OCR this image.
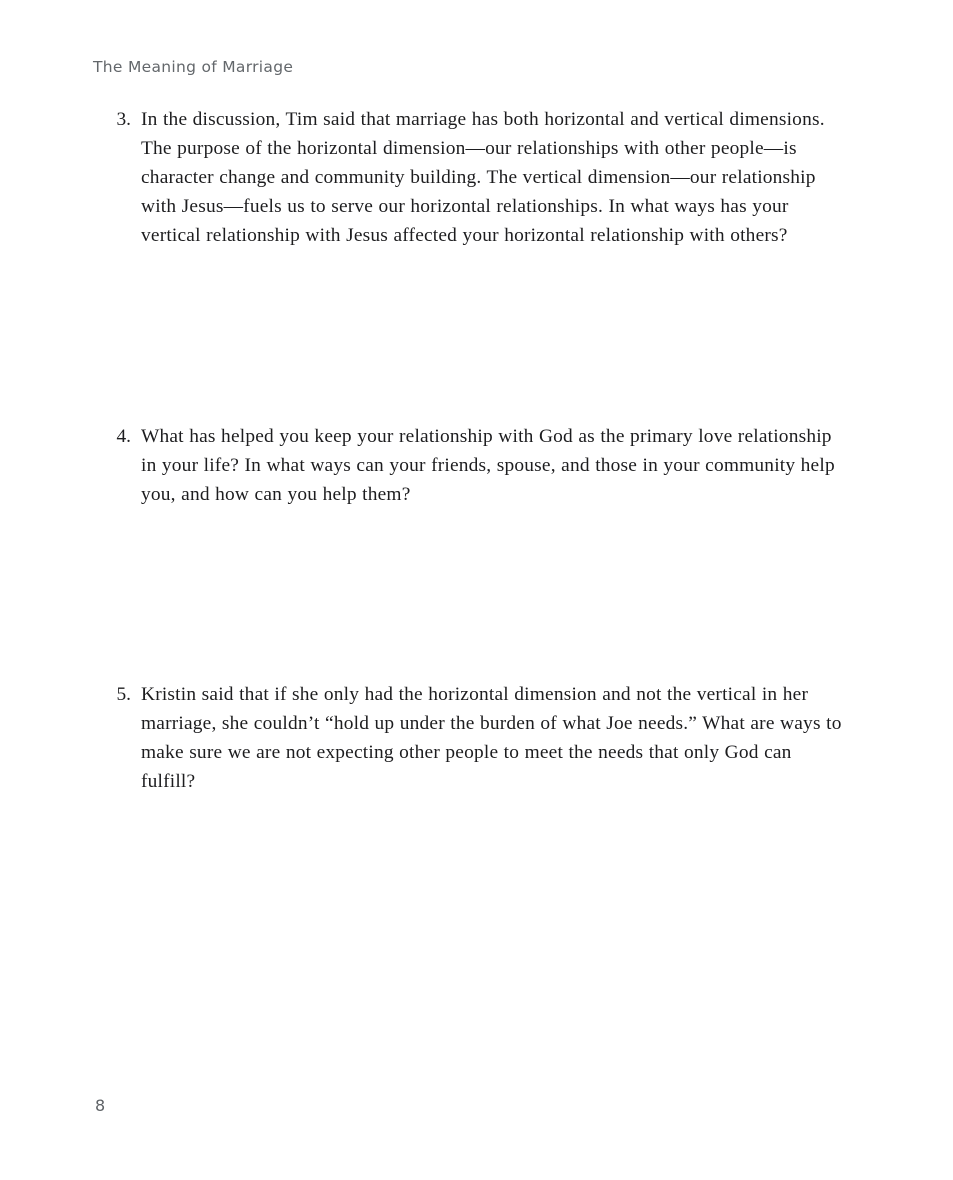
The Meaning of Marriage
3. In the discussion, Tim said that marriage has both horizontal and vertical dimensions. The purpose of the horizontal dimension—our relationships with other people—is character change and community building. The vertical dimension—our relationship with Jesus—fuels us to serve our horizontal relationships. In what ways has your vertical relationship with Jesus affected your horizontal relationship with others?
4. What has helped you keep your relationship with God as the primary love relationship in your life? In what ways can your friends, spouse, and those in your community help you, and how can you help them?
5. Kristin said that if she only had the horizontal dimension and not the vertical in her marriage, she couldn’t “hold up under the burden of what Joe needs.” What are ways to make sure we are not expecting other people to meet the needs that only God can fulfill?
8
